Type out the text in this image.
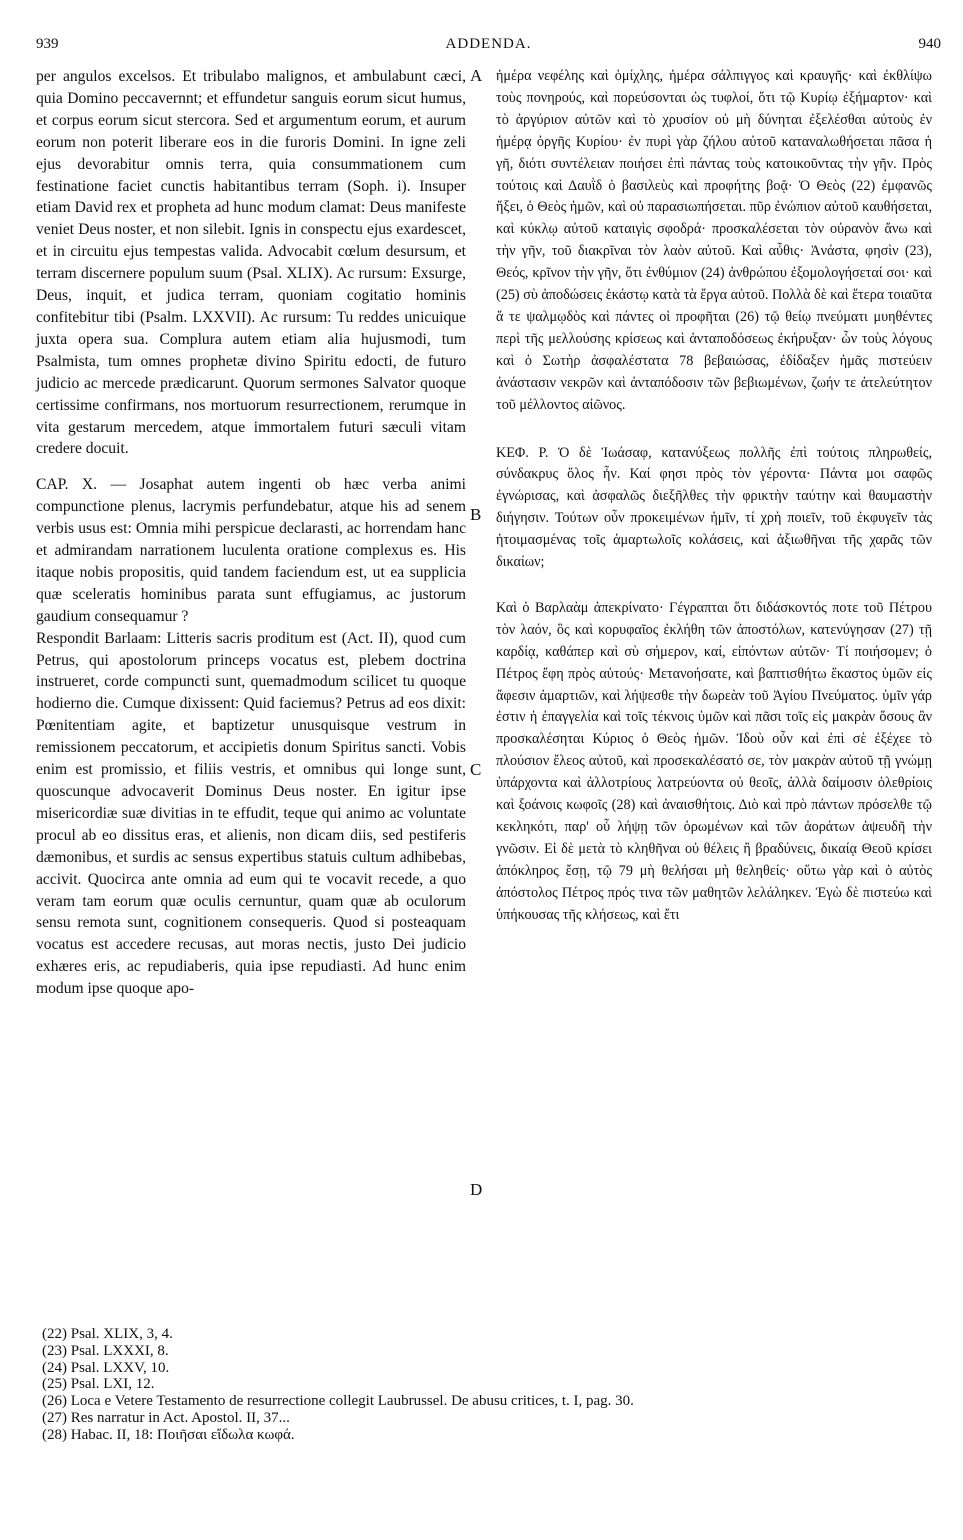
939	ADDENDA.	940
A
B
C
D

per angulos excelsos. Et tribulabo malignos, et ambulabunt cæci, quia Domino peccavernnt; et effundetur sanguis eorum sicut humus, et corpus eorum sicut stercora. Sed et argumentum eorum, et aurum eorum non poterit liberare eos in die furoris Domini. In igne zeli ejus devorabitur omnis terra, quia consummationem cum festinatione faciet cunctis habitantibus terram (Soph. i). Insuper etiam David rex et propheta ad hunc modum clamat: Deus manifeste veniet Deus noster, et non silebit. Ignis in conspectu ejus exardescet, et in circuitu ejus tempestas valida. Advocabit cœlum desursum, et terram discernere populum suum (Psal. XLIX). Ac rursum: Exsurge, Deus, inquit, et judica terram, quoniam cogitatio hominis confitebitur tibi (Psalm. LXXVII). Ac rursum: Tu reddes unicuique juxta opera sua. Complura autem etiam alia hujusmodi, tum Psalmista, tum omnes prophetæ divino Spiritu edocti, de futuro judicio ac mercede prædicarunt. Quorum sermones Salvator quoque certissime confirmans, nos mortuorum resurrectionem, rerumque in vita gestarum mercedem, atque immortalem futuri sæculi vitam credere docuit.

CAP. X. — Josaphat autem ingenti ob hæc verba animi compunctione plenus, lacrymis perfundebatur, atque his ad senem verbis usus est: Omnia mihi perspicue declarasti, ac horrendam hanc et admirandam narrationem luculenta oratione complexus es. His itaque nobis propositis, quid tandem faciendum est, ut ea supplicia quæ sceleratis hominibus parata sunt effugiamus, ac justorum gaudium consequamur ?

Respondit Barlaam: Litteris sacris proditum est (Act. II), quod cum Petrus, qui apostolorum princeps vocatus est, plebem doctrina instrueret, corde compuncti sunt, quemadmodum scilicet tu quoque hodierno die. Cumque dixissent: Quid faciemus? Petrus ad eos dixit: Pœnitentiam agite, et baptizetur unusquisque vestrum in remissionem peccatorum, et accipietis donum Spiritus sancti. Vobis enim est promissio, et filiis vestris, et omnibus qui longe sunt, quoscunque advocaverit Dominus Deus noster. En igitur ipse misericordiæ suæ divitias in te effudit, teque qui animo ac voluntate procul ab eo dissitus eras, et alienis, non dicam diis, sed pestiferis dæmonibus, et surdis ac sensus expertibus statuis cultum adhibebas, accivit. Quocirca ante omnia ad eum qui te vocavit recede, a quo veram tam eorum quæ oculis cernuntur, quam quæ ab oculorum sensu remota sunt, cognitionem consequeris. Quod si posteaquam vocatus est accedere recusas, aut moras nectis, justo Dei judicio exhæres eris, ac repudiaberis, quia ipse repudiasti. Ad hunc enim modum ipse quoque apo-

ἡμέρα νεφέλης καὶ ὁμίχλης, ἡμέρα σάλπιγγος καὶ κραυγῆς· καὶ ἐκθλίψω τοὺς πονηρούς, καὶ πορεύσονται ὡς τυφλοί, ὅτι τῷ Κυρίῳ ἐξήμαρτον· καὶ τὸ ἀργύριον αὐτῶν καὶ τὸ χρυσίον οὐ μὴ δύνηται ἐξελέσθαι αὐτοὺς ἐν ἡμέρᾳ ὀργῆς Κυρίου· ἐν πυρὶ γὰρ ζήλου αὐτοῦ καταναλωθήσεται πᾶσα ἡ γῆ, διότι συντέλειαν ποιήσει ἐπὶ πάντας τοὺς κατοικοῦντας τὴν γῆν. Πρὸς τούτοις καὶ Δαυῒδ ὁ βασιλεὺς καὶ προφήτης βοᾷ· Ὁ Θεὸς (22) ἐμφανῶς ἥξει, ὁ Θεὸς ἡμῶν, καὶ οὐ παρασιωπήσεται. πῦρ ἐνώπιον αὐτοῦ καυθήσεται, καὶ κύκλῳ αὐτοῦ καταιγὶς σφοδρά· προσκαλέσεται τὸν οὐρανὸν ἄνω καὶ τὴν γῆν, τοῦ διακρῖναι τὸν λαὸν αὐτοῦ. Καὶ αὖθις· Ἀνάστα, φησὶν (23), Θεός, κρῖνον τὴν γῆν, ὅτι ἐνθύμιον (24) ἀνθρώπου ἐξομολογήσεταί σοι· καὶ (25) σὺ ἀποδώσεις ἑκάστῳ κατὰ τὰ ἔργα αὐτοῦ. Πολλὰ δὲ καὶ ἕτερα τοιαῦτα ἅ τε ψαλμῳδὸς καὶ πάντες οἱ προφῆται (26) τῷ θείῳ πνεύματι μυηθέντες περὶ τῆς μελλούσης κρίσεως καὶ ἀνταποδόσεως ἐκήρυξαν· ὧν τοὺς λόγους καὶ ὁ Σωτὴρ ἀσφαλέστατα 78 βεβαιώσας, ἐδίδαξεν ἡμᾶς πιστεύειν ἀνάστασιν νεκρῶν καὶ ἀνταπόδοσιν τῶν βεβιωμένων, ζωήν τε ἀτελεύτητον τοῦ μέλλοντος αἰῶνος.

ΚΕΦ. Ρ. Ὁ δὲ Ἰωάσαφ, κατανύξεως πολλῆς ἐπὶ τούτοις πληρωθείς, σύνδακρυς ὅλος ἦν. Καί φησι πρὸς τὸν γέροντα· Πάντα μοι σαφῶς ἐγνώρισας, καὶ ἀσφαλῶς διεξῆλθες τὴν φρικτὴν ταύτην καὶ θαυμαστὴν διήγησιν. Τούτων οὖν προκειμένων ἡμῖν, τί χρὴ ποιεῖν, τοῦ ἐκφυγεῖν τὰς ἡτοιμασμένας τοῖς ἁμαρτωλοῖς κολάσεις, καὶ ἀξιωθῆναι τῆς χαρᾶς τῶν δικαίων;

Καὶ ὁ Βαρλαὰμ ἀπεκρίνατο· Γέγραπται ὅτι διδάσκοντός ποτε τοῦ Πέτρου τὸν λαόν, ὃς καὶ κορυφαῖος ἐκλήθη τῶν ἀποστόλων, κατενύγησαν (27) τῇ καρδίᾳ, καθάπερ καὶ σὺ σήμερον, καί, εἰπόντων αὐτῶν· Τί ποιήσομεν; ὁ Πέτρος ἔφη πρὸς αὐτούς· Μετανοήσατε, καὶ βαπτισθήτω ἕκαστος ὑμῶν εἰς ἄφεσιν ἁμαρτιῶν, καὶ λήψεσθε τὴν δωρεὰν τοῦ Ἁγίου Πνεύματος. ὑμῖν γάρ ἐστιν ἡ ἐπαγγελία καὶ τοῖς τέκνοις ὑμῶν καὶ πᾶσι τοῖς εἰς μακρὰν ὅσους ἂν προσκαλέσηται Κύριος ὁ Θεὸς ἡμῶν. Ἰδοὺ οὖν καὶ ἐπὶ σὲ ἐξέχεε τὸ πλούσιον ἔλεος αὐτοῦ, καὶ προσεκαλέσατό σε, τὸν μακρὰν αὐτοῦ τῇ γνώμῃ ὑπάρχοντα καὶ ἀλλοτρίους λατρεύοντα οὐ θεοῖς, ἀλλὰ δαίμοσιν ὀλεθρίοις καὶ ξοάνοις κωφοῖς (28) καὶ ἀναισθήτοις. Διὸ καὶ πρὸ πάντων πρόσελθε τῷ κεκληκότι, παρ' οὗ λήψῃ τῶν ὁρωμένων καὶ τῶν ἀοράτων ἀψευδῆ τὴν γνῶσιν. Εἰ δὲ μετὰ τὸ κληθῆναι οὐ θέλεις ἢ βραδύνεις, δικαίᾳ Θεοῦ κρίσει ἀπόκληρος ἔσῃ, τῷ 79 μὴ θελήσαι μὴ θεληθείς· οὕτω γὰρ καὶ ὁ αὐτὸς ἀπόστολος Πέτρος πρός τινα τῶν μαθητῶν λελάληκεν. Ἐγὼ δὲ πιστεύω καὶ ὑπήκουσας τῆς κλήσεως, καὶ ἔτι

(22) Psal. XLIX, 3, 4.
(23) Psal. LXXXI, 8.
(24) Psal. LXXV, 10.
(25) Psal. LXI, 12.
(26) Loca e Vetere Testamento de resurrectione collegit Laubrussel. De abusu critices, t. I, pag. 30.
(27) Res narratur in Act. Apostol. II, 37...
(28) Habac. II, 18: Ποιῆσαι εἴδωλα κωφά.
